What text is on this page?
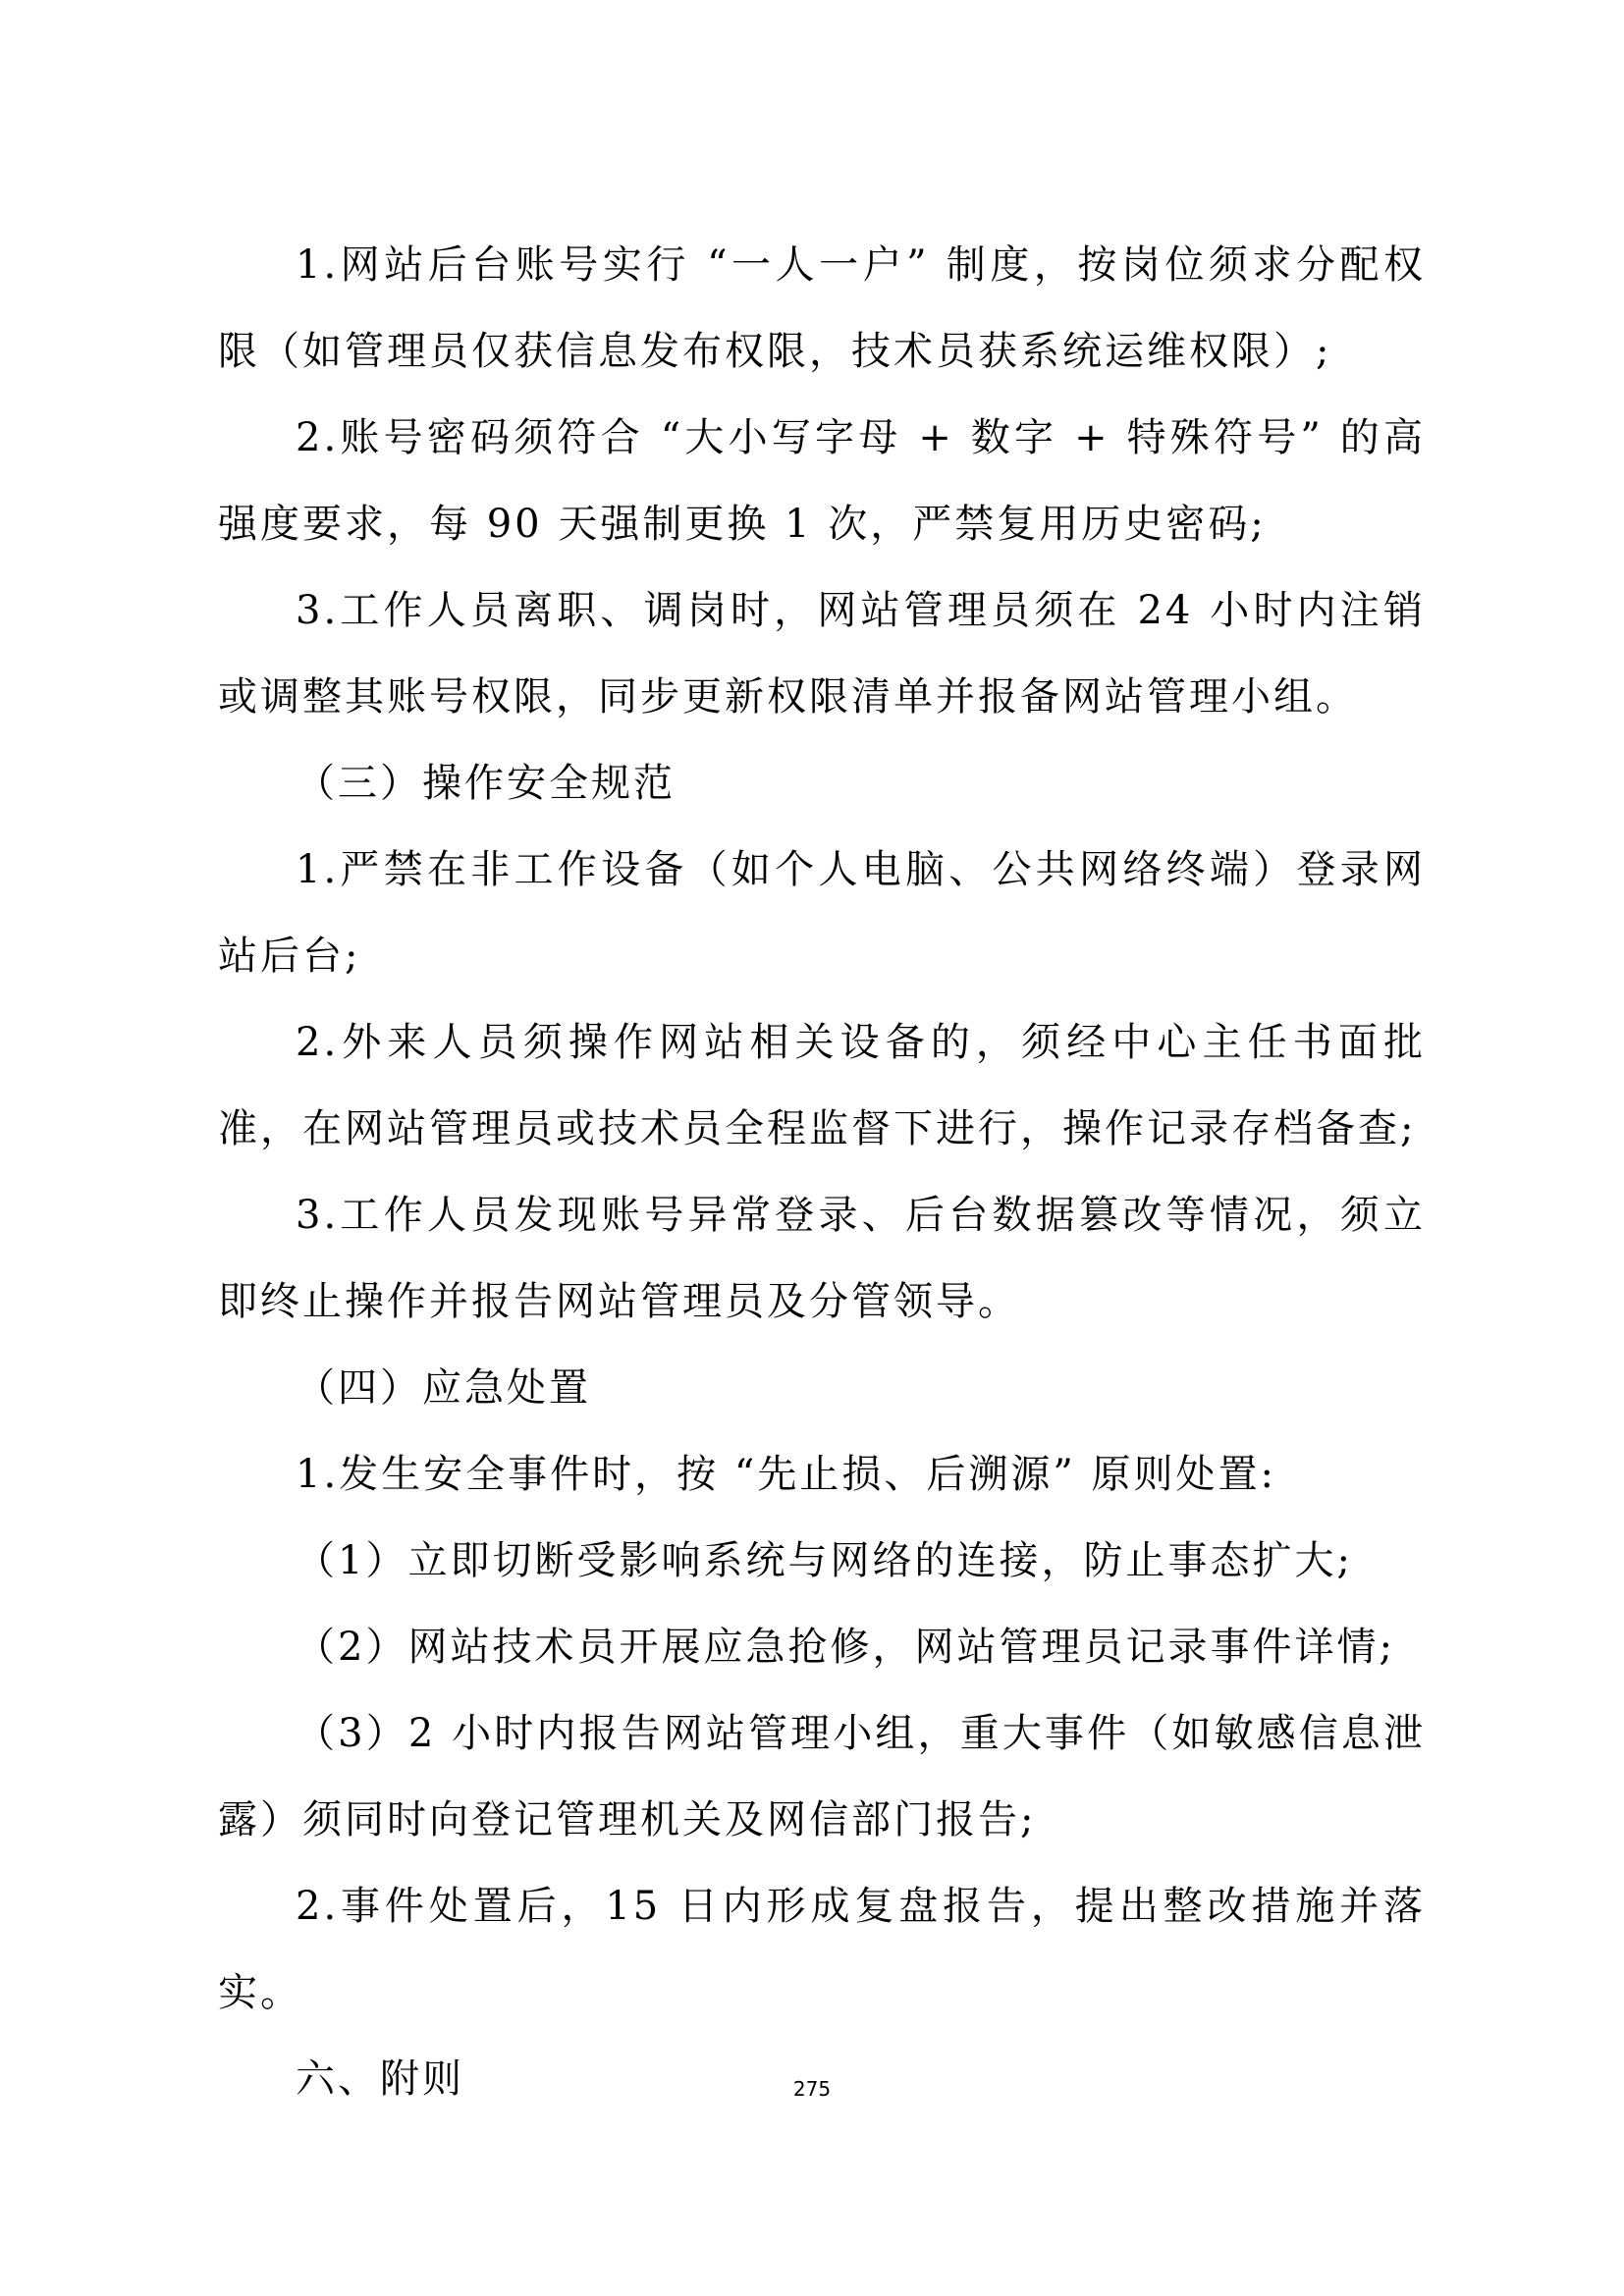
1.网站后台账号实行 “一人一户” 制度，按岗位须求分配权限（如管理员仅获信息发布权限，技术员获系统运维权限）;

2.账号密码须符合 “大小写字母 + 数字 + 特殊符号” 的高强度要求，每 90 天强制更换 1 次，严禁复用历史密码;

3.工作人员离职、调岗时，网站管理员须在 24 小时内注销或调整其账号权限，同步更新权限清单并报备网站管理小组。

（三）操作安全规范

1.严禁在非工作设备（如个人电脑、公共网络终端）登录网站后台;

2.外来人员须操作网站相关设备的，须经中心主任书面批准，在网站管理员或技术员全程监督下进行，操作记录存档备查;

3.工作人员发现账号异常登录、后台数据篡改等情况，须立即终止操作并报告网站管理员及分管领导。

（四）应急处置

1.发生安全事件时，按 “先止损、后溯源” 原则处置:

（1）立即切断受影响系统与网络的连接，防止事态扩大;

（2）网站技术员开展应急抢修，网站管理员记录事件详情;

（3）2 小时内报告网站管理小组，重大事件（如敏感信息泄露）须同时向登记管理机关及网信部门报告;

2.事件处置后，15 日内形成复盘报告，提出整改措施并落实。

六、附则	275
